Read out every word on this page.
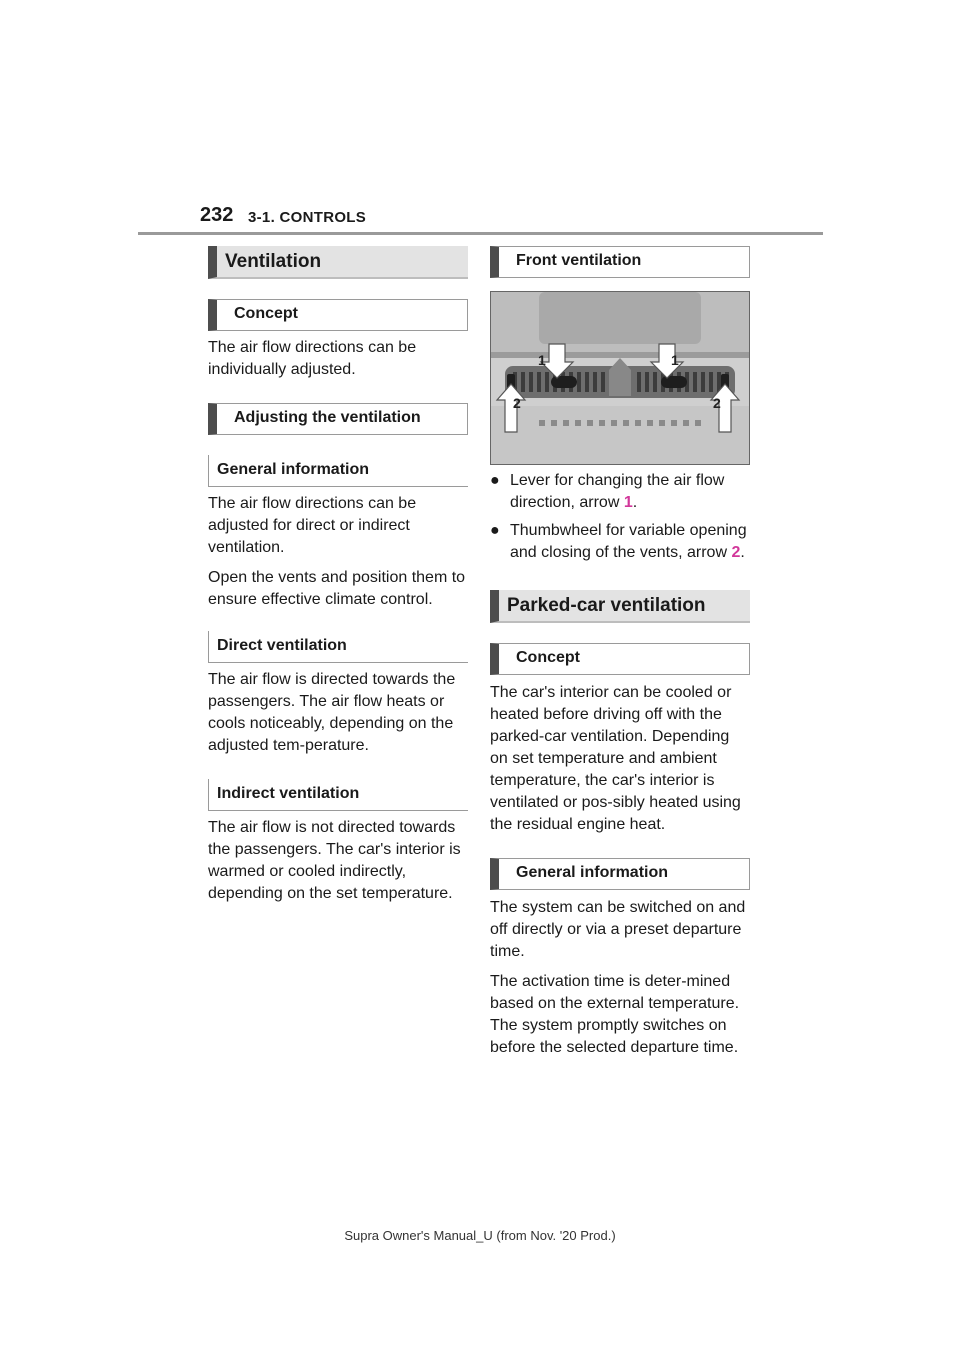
232 3-1. CONTROLS
Ventilation
Concept

The air flow directions can be individually adjusted.

Adjusting the ventilation
General information

The air flow directions can be adjusted for direct or indirect ventilation.

Open the vents and position them to ensure effective climate control.

Direct ventilation

The air flow is directed towards the passengers. The air flow heats or cools noticeably, depending on the adjusted tem-perature.

Indirect ventilation

The air flow is not directed towards the passengers. The car's interior is warmed or cooled indirectly, depending on the set temperature.

Front ventilation
1	1
2	2
● Lever for changing the air flow direction, arrow 1.
● Thumbwheel for variable opening and closing of the vents, arrow 2.
Parked-car ventilation
Concept

The car's interior can be cooled or heated before driving off with the parked-car ventilation. Depending on set temperature and ambient temperature, the car's interior is ventilated or pos-sibly heated using the residual engine heat.

General information

The system can be switched on and off directly or via a preset departure time.

The activation time is deter-mined based on the external temperature. The system promptly switches on before the selected departure time.

Supra Owner's Manual_U (from Nov. '20 Prod.)
